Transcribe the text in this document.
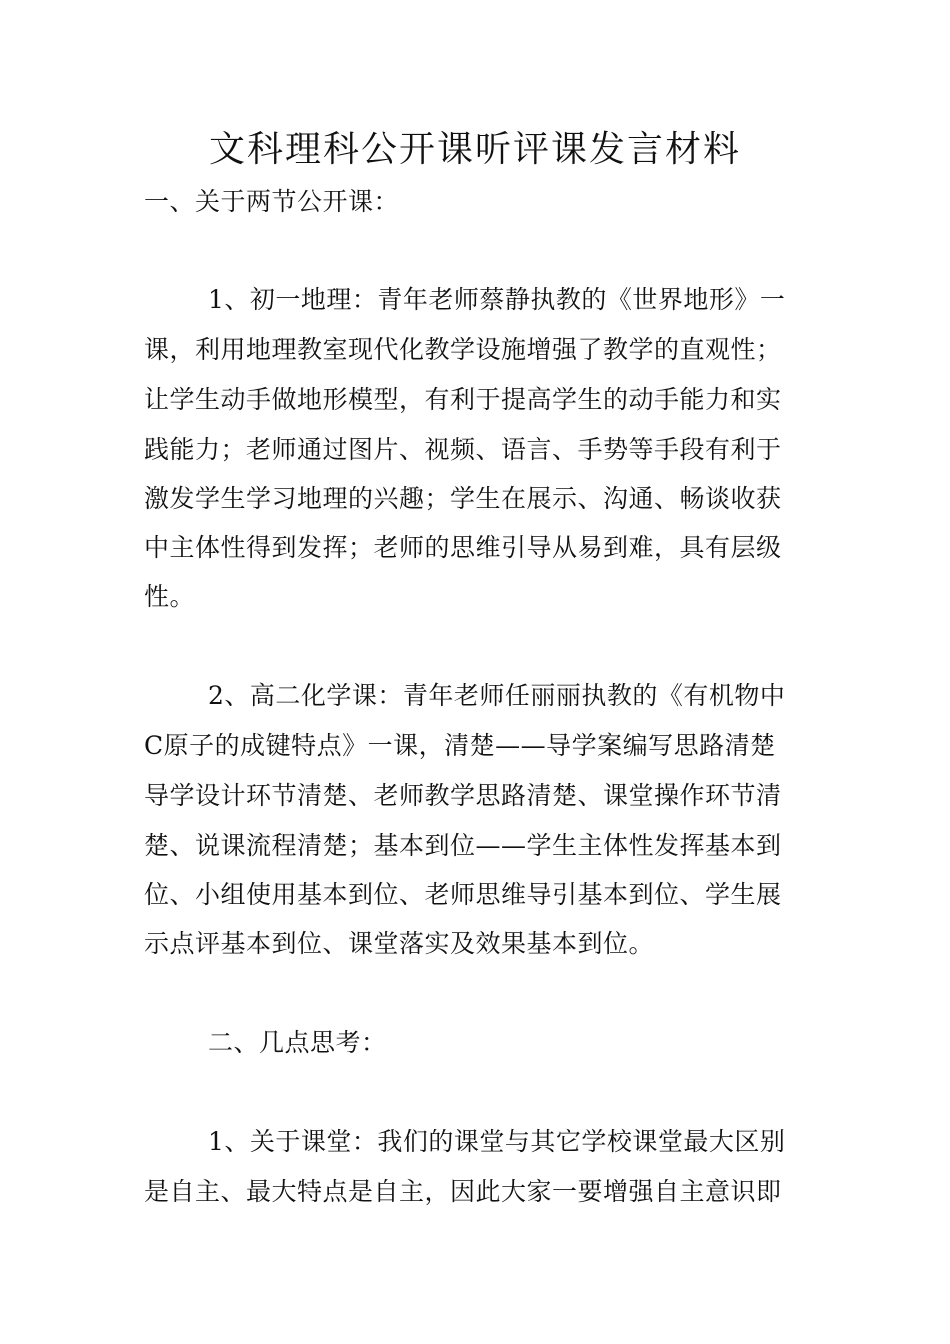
文科理科公开课听评课发言材料
一、关于两节公开课：
1、初一地理：青年老师蔡静执教的《世界地形》一
课，利用地理教室现代化教学设施增强了教学的直观性；
让学生动手做地形模型，有利于提高学生的动手能力和实
践能力；老师通过图片、视频、语言、手势等手段有利于
激发学生学习地理的兴趣；学生在展示、沟通、畅谈收获
中主体性得到发挥；老师的思维引导从易到难，具有层级
性。
2、高二化学课：青年老师任丽丽执教的《有机物中
C原子的成键特点》一课，清楚——导学案编写思路清楚
导学设计环节清楚、老师教学思路清楚、课堂操作环节清
楚、说课流程清楚；基本到位——学生主体性发挥基本到
位、小组使用基本到位、老师思维导引基本到位、学生展
示点评基本到位、课堂落实及效果基本到位。
二、几点思考：
1、关于课堂：我们的课堂与其它学校课堂最大区别
是自主、最大特点是自主，因此大家一要增强自主意识即
